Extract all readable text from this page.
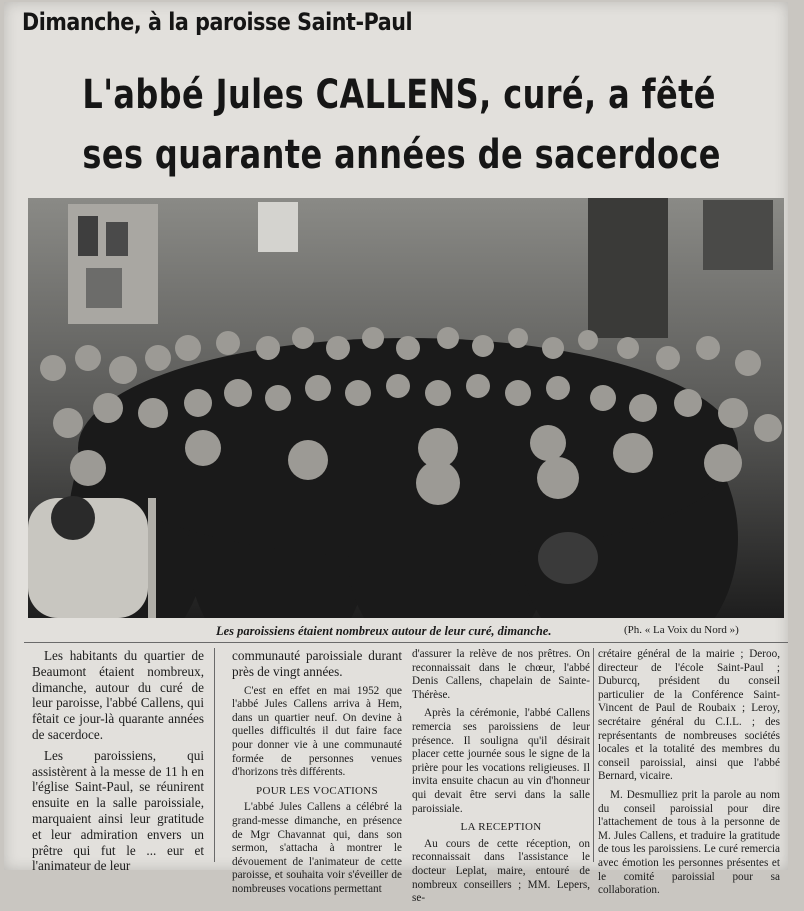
Dimanche, à la paroisse Saint-Paul
L'abbé Jules CALLENS, curé, a fêté
ses quarante années de sacerdoce
Les paroissiens étaient nombreux autour de leur curé, dimanche.	(Ph. « La Voix du Nord »)

Les habitants du quartier de Beaumont étaient nombreux, dimanche, autour du curé de leur paroisse, l'abbé Callens, qui fêtait ce jour-là quarante années de sacerdoce.

Les paroissiens, qui assistèrent à la messe de 11 h en l'église Saint-Paul, se réunirent ensuite en la salle paroissiale, marquaient ainsi leur gratitude et leur admiration envers un prêtre qui fut le ... eur et l'animateur de leur

communauté paroissiale durant près de vingt années.

C'est en effet en mai 1952 que l'abbé Jules Callens arriva à Hem, dans un quartier neuf. On devine à quelles difficultés il dut faire face pour donner vie à une communauté formée de personnes venues d'horizons très différents.

POUR LES VOCATIONS

L'abbé Jules Callens a célébré la grand-messe dimanche, en présence de Mgr Chavannat qui, dans son sermon, s'attacha à montrer le dévouement de l'animateur de cette paroisse, et souhaita voir s'éveiller de nombreuses vocations permettant

d'assurer la relève de nos prêtres. On reconnaissait dans le chœur, l'abbé Denis Callens, chapelain de Sainte-Thérèse.

Après la cérémonie, l'abbé Callens remercia ses paroissiens de leur présence. Il souligna qu'il désirait placer cette journée sous le signe de la prière pour les vocations religieuses. Il invita ensuite chacun au vin d'honneur qui devait être servi dans la salle paroissiale.

LA RECEPTION

Au cours de cette réception, on reconnaissait dans l'assistance le docteur Leplat, maire, entouré de nombreux conseillers ; MM. Lepers, se-

crétaire général de la mairie ; Deroo, directeur de l'école Saint-Paul ; Duburcq, président du conseil particulier de la Conférence Saint-Vincent de Paul de Roubaix ; Leroy, secrétaire général du C.I.L. ; des représentants de nombreuses sociétés locales et la totalité des membres du conseil paroissial, ainsi que l'abbé Bernard, vicaire.

M. Desmulliez prit la parole au nom du conseil paroissial pour dire l'attachement de tous à la personne de M. Jules Callens, et traduire la gratitude de tous les paroissiens. Le curé remercia avec émotion les personnes présentes et le comité paroissial pour sa collaboration.
